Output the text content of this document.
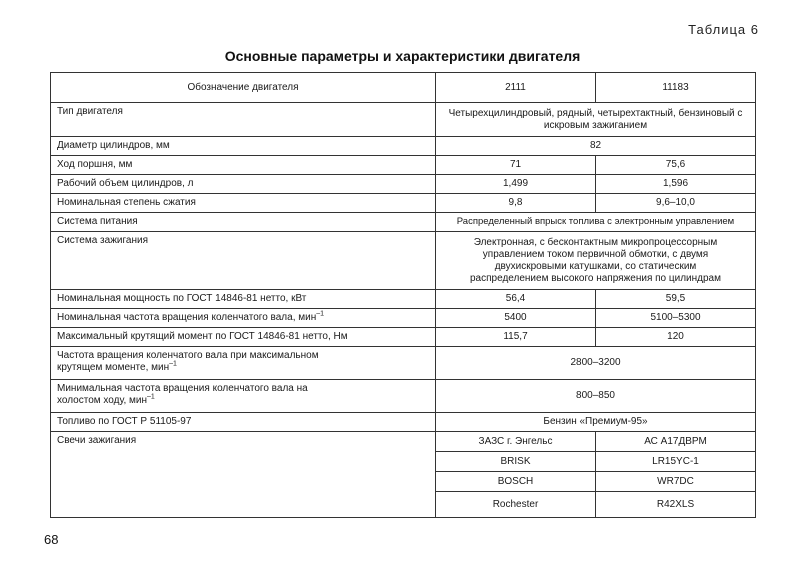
Таблица 6
Основные параметры и характеристики двигателя
Обозначение двигателя	2111	11183
Тип двигателя	Четырехцилиндровый, рядный, четырехтактный, бензиновый с искровым зажиганием	
Диаметр цилиндров, мм	82	
Ход поршня, мм	71	75,6
Рабочий объем цилиндров, л	1,499	1,596
Номинальная степень сжатия	9,8	9,6–10,0
Система питания	Распределенный впрыск топлива с электронным управлением	
Система зажигания	Электронная, с бесконтактным микропроцессорным управлением током первичной обмотки, с двумя двухискровыми катушками, со статическим распределением высокого напряжения по цилиндрам	
Номинальная мощность по ГОСТ 14846-81 нетто, кВт	56,4	59,5
Номинальная частота вращения коленчатого вала, мин$^{-1}$	5400	5100–5300
Максимальный крутящий момент по ГОСТ 14846-81 нетто, Нм	115,7	120
Частота вращения коленчатого вала при максимальном крутящем моменте, мин$^{-1}$	2800–3200	
Минимальная частота вращения коленчатого вала на холостом ходу, мин$^{-1}$	800–850	
Топливо по ГОСТ Р 51105-97	Бензин «Премиум-95»	
Свечи зажигания	ЗАЗС г. Энгельс	АС А17ДВРМ
	BRISK	LR15YC-1
	BOSCH	WR7DC
	Rochester	R42XLS
68
